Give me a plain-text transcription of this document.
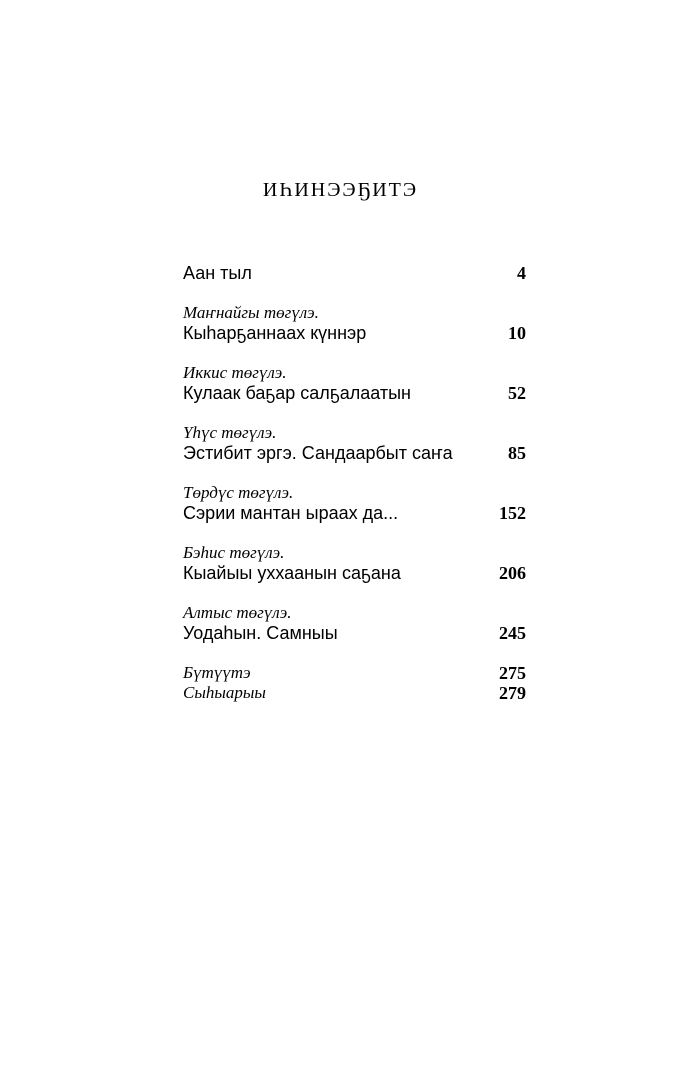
ИҺИНЭЭҔИТЭ
Аан тыл	4
Маҥнайгы төгүлэ.
Кыһарҕаннаах күннэр	10
Иккис төгүлэ.
Кулаак баҕар салҕалаатын	52
Үһүс төгүлэ.
Эстибит эргэ. Сандаарбыт саҥа	85
Төрдүс төгүлэ.
Сэрии мантан ыраах да...	152
Бэһис төгүлэ.
Кыайыы уххаанын саҕана	206
Алтыс төгүлэ.
Уодаһын. Самныы	245
Бүтүүтэ	275
Сыһыарыы	279
